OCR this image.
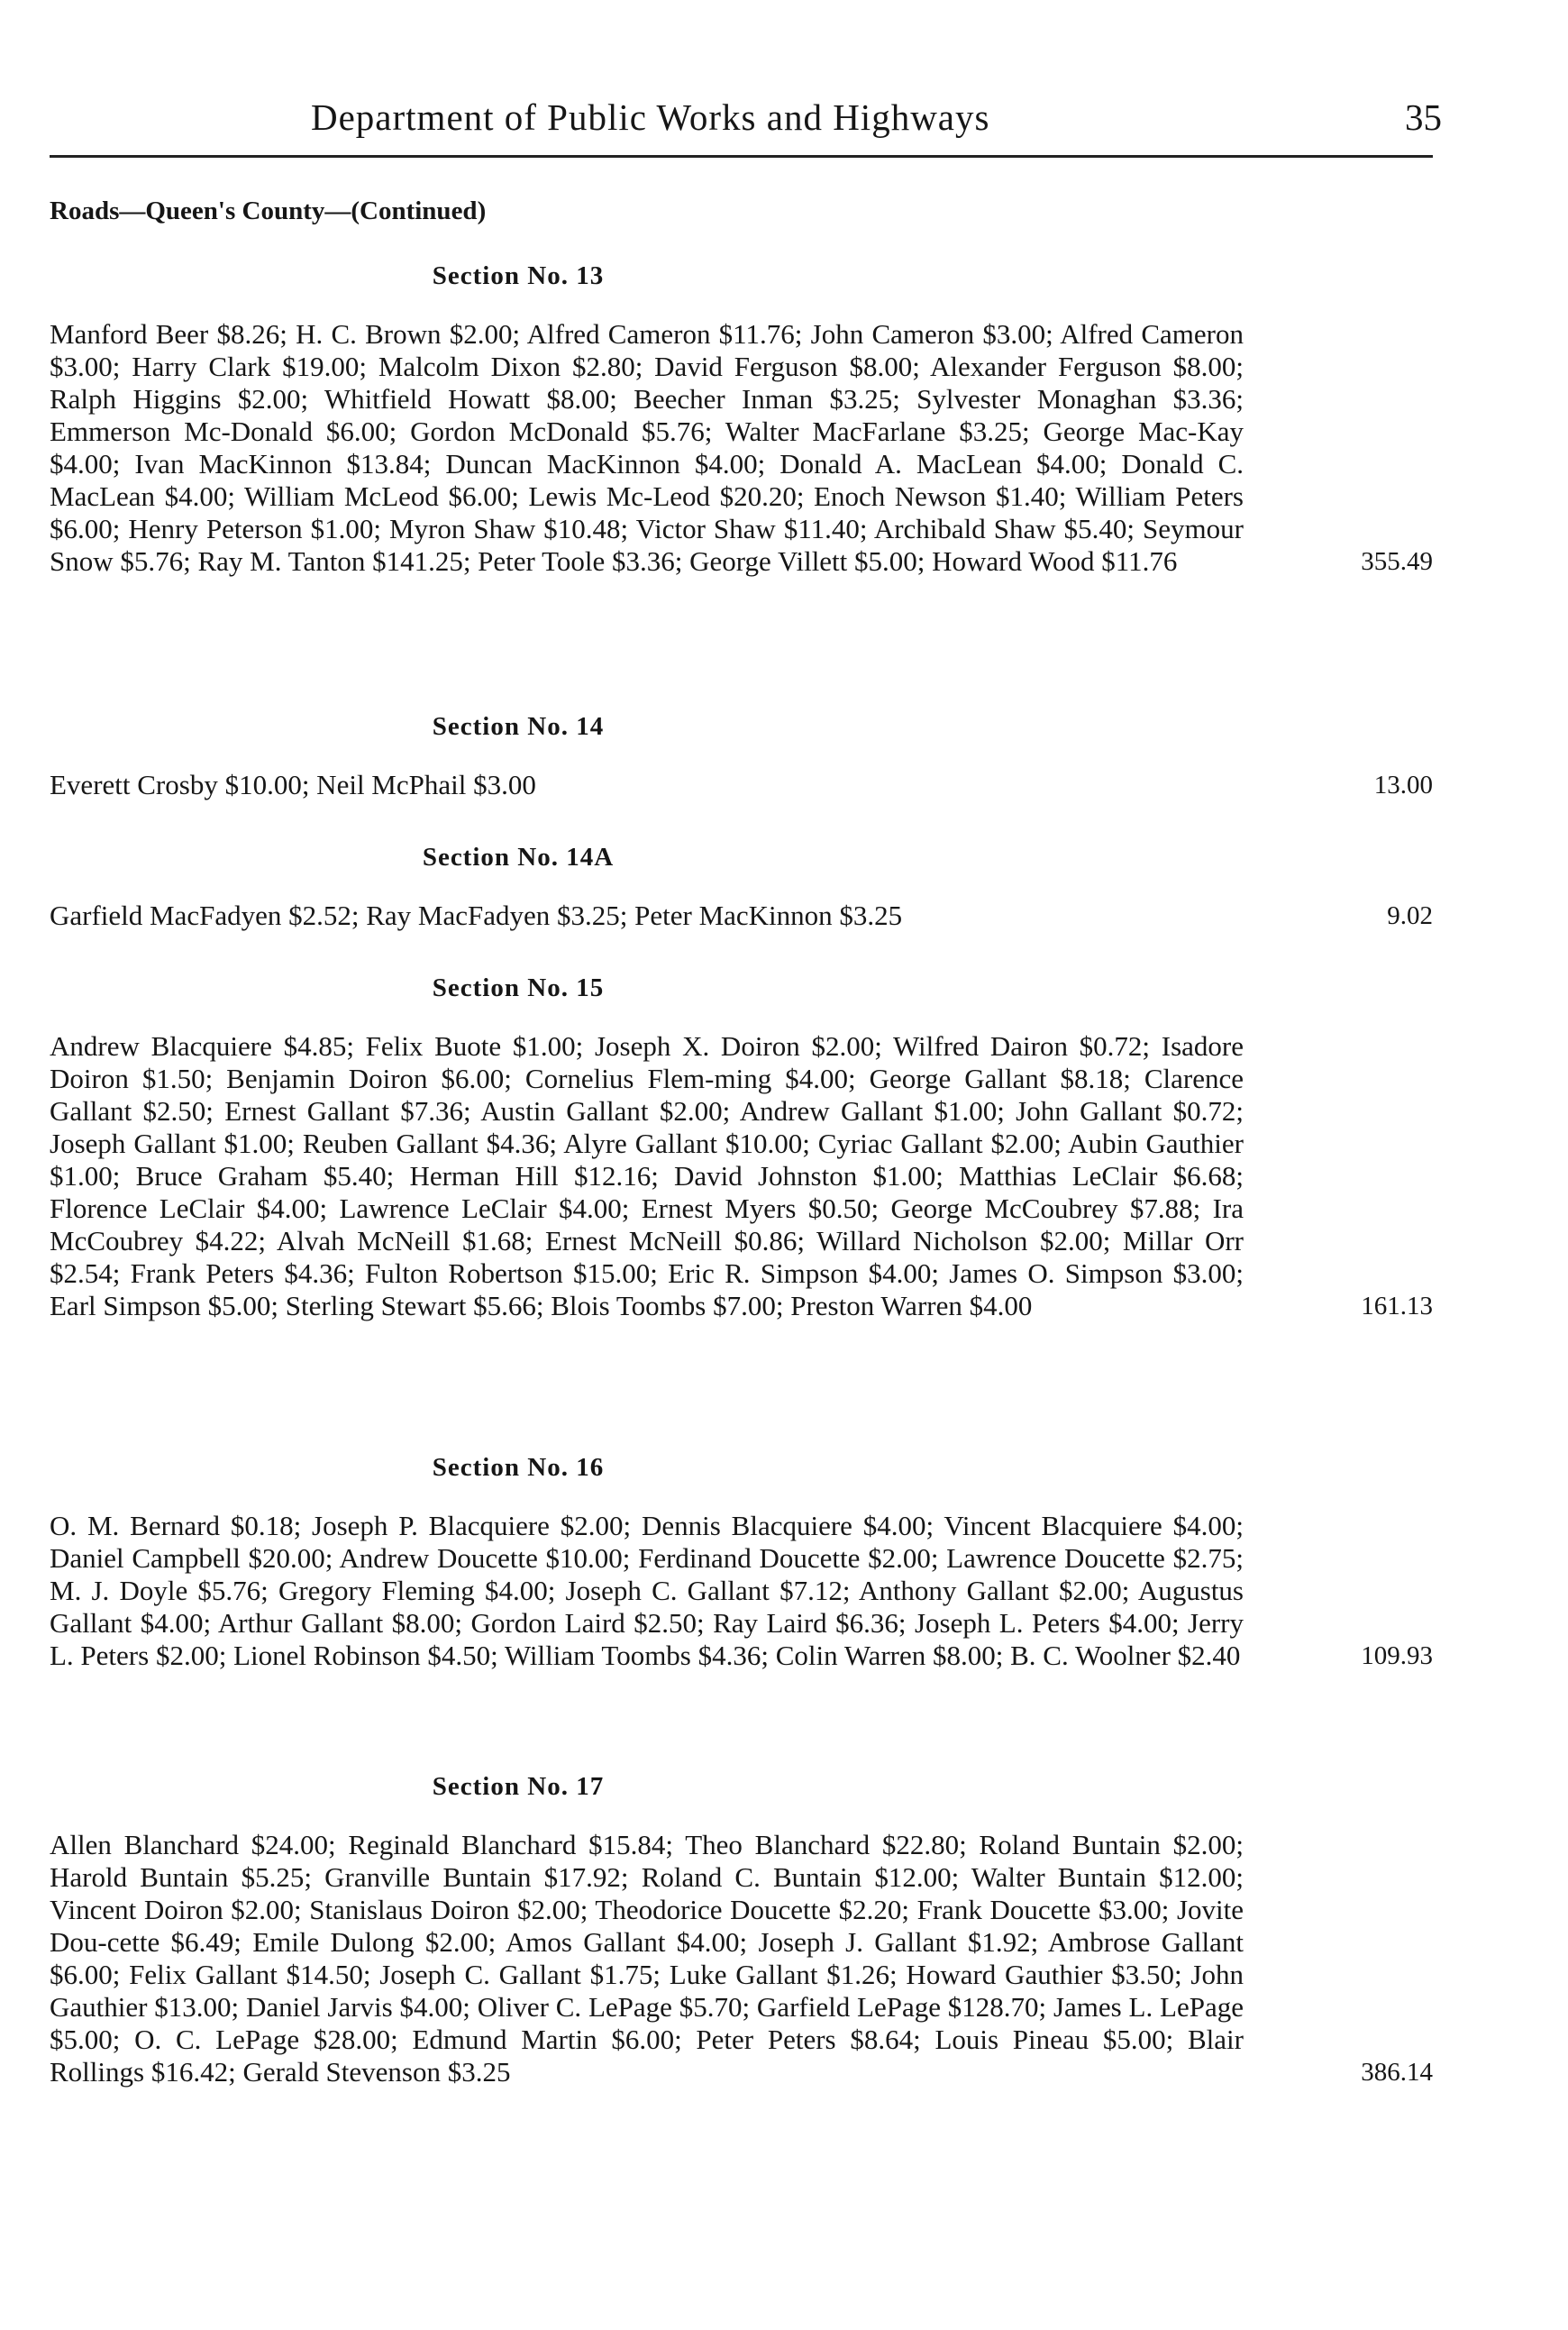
Department of Public Works and Highways	35
Roads—Queen's County—(Continued)
Section No. 13
Manford Beer $8.26; H. C. Brown $2.00; Alfred Cameron $11.76; John Cameron $3.00; Alfred Cameron $3.00; Harry Clark $19.00; Malcolm Dixon $2.80; David Ferguson $8.00; Alexander Ferguson $8.00; Ralph Higgins $2.00; Whitfield Howatt $8.00; Beecher Inman $3.25; Sylvester Monaghan $3.36; Emmerson Mc-Donald $6.00; Gordon McDonald $5.76; Walter MacFarlane $3.25; George Mac-Kay $4.00; Ivan MacKinnon $13.84; Duncan MacKinnon $4.00; Donald A. MacLean $4.00; Donald C. MacLean $4.00; William McLeod $6.00; Lewis Mc-Leod $20.20; Enoch Newson $1.40; William Peters $6.00; Henry Peterson $1.00; Myron Shaw $10.48; Victor Shaw $11.40; Archibald Shaw $5.40; Seymour Snow $5.76; Ray M. Tanton $141.25; Peter Toole $3.36; George Villett $5.00; Howard Wood $11.76	355.49
Section No. 14
Everett Crosby $10.00; Neil McPhail $3.00	13.00
Section No. 14A
Garfield MacFadyen $2.52; Ray MacFadyen $3.25; Peter MacKinnon $3.25	9.02
Section No. 15
Andrew Blacquiere $4.85; Felix Buote $1.00; Joseph X. Doiron $2.00; Wilfred Dairon $0.72; Isadore Doiron $1.50; Benjamin Doiron $6.00; Cornelius Flem-ming $4.00; George Gallant $8.18; Clarence Gallant $2.50; Ernest Gallant $7.36; Austin Gallant $2.00; Andrew Gallant $1.00; John Gallant $0.72; Joseph Gallant $1.00; Reuben Gallant $4.36; Alyre Gallant $10.00; Cyriac Gallant $2.00; Aubin Gauthier $1.00; Bruce Graham $5.40; Herman Hill $12.16; David Johnston $1.00; Matthias LeClair $6.68; Florence LeClair $4.00; Lawrence LeClair $4.00; Ernest Myers $0.50; George McCoubrey $7.88; Ira McCoubrey $4.22; Alvah McNeill $1.68; Ernest McNeill $0.86; Willard Nicholson $2.00; Millar Orr $2.54; Frank Peters $4.36; Fulton Robertson $15.00; Eric R. Simpson $4.00; James O. Simpson $3.00; Earl Simpson $5.00; Sterling Stewart $5.66; Blois Toombs $7.00; Preston Warren $4.00	161.13
Section No. 16
O. M. Bernard $0.18; Joseph P. Blacquiere $2.00; Dennis Blacquiere $4.00; Vincent Blacquiere $4.00; Daniel Campbell $20.00; Andrew Doucette $10.00; Ferdinand Doucette $2.00; Lawrence Doucette $2.75; M. J. Doyle $5.76; Gregory Fleming $4.00; Joseph C. Gallant $7.12; Anthony Gallant $2.00; Augustus Gallant $4.00; Arthur Gallant $8.00; Gordon Laird $2.50; Ray Laird $6.36; Joseph L. Peters $4.00; Jerry L. Peters $2.00; Lionel Robinson $4.50; William Toombs $4.36; Colin Warren $8.00; B. C. Woolner $2.40	109.93
Section No. 17
Allen Blanchard $24.00; Reginald Blanchard $15.84; Theo Blanchard $22.80; Roland Buntain $2.00; Harold Buntain $5.25; Granville Buntain $17.92; Roland C. Buntain $12.00; Walter Buntain $12.00; Vincent Doiron $2.00; Stanislaus Doiron $2.00; Theodorice Doucette $2.20; Frank Doucette $3.00; Jovite Dou-cette $6.49; Emile Dulong $2.00; Amos Gallant $4.00; Joseph J. Gallant $1.92; Ambrose Gallant $6.00; Felix Gallant $14.50; Joseph C. Gallant $1.75; Luke Gallant $1.26; Howard Gauthier $3.50; John Gauthier $13.00; Daniel Jarvis $4.00; Oliver C. LePage $5.70; Garfield LePage $128.70; James L. LePage $5.00; O. C. LePage $28.00; Edmund Martin $6.00; Peter Peters $8.64; Louis Pineau $5.00; Blair Rollings $16.42; Gerald Stevenson $3.25	386.14
